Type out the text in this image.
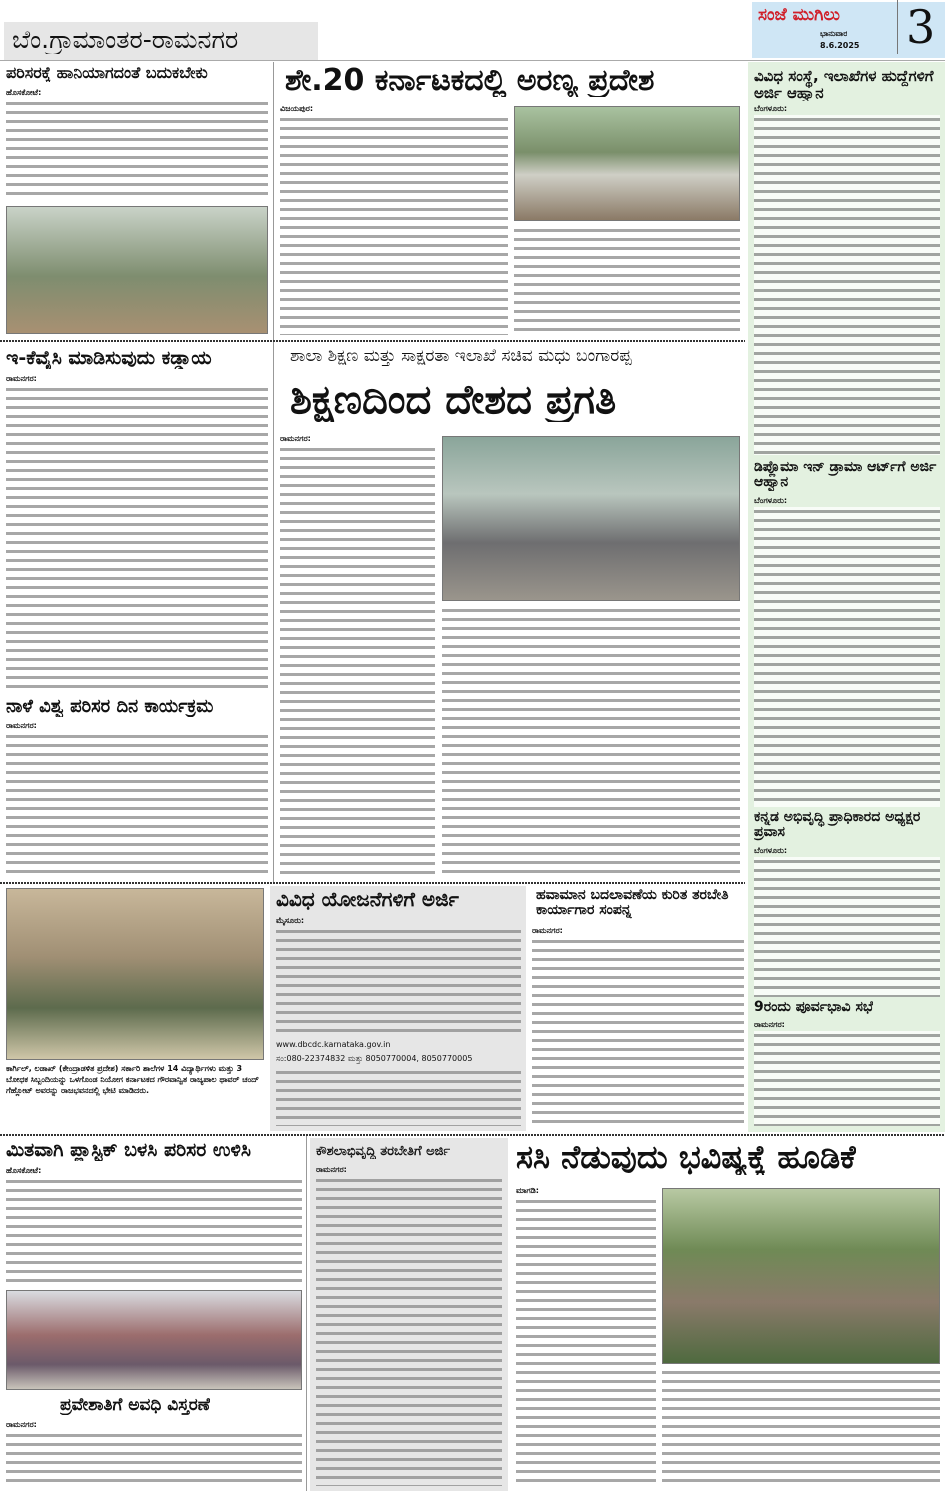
ಬೆಂ.ಗ್ರಾಮಾಂತರ-ರಾಮನಗರ
ಸಂಜೆ ಮುಗಿಲು
ಭಾನುವಾರ
8.6.2025 3
ವಿವಿಧ ಸಂಸ್ಥೆ, ಇಲಾಖೆಗಳ ಹುದ್ದೆಗಳಿಗೆ ಅರ್ಜಿ ಆಹ್ವಾನ
ಬೆಂಗಳೂರು:
ಡಿಪ್ಲೊಮಾ ಇನ್ ಡ್ರಾಮಾ ಆರ್ಟ್‌ಗೆ ಅರ್ಜಿ ಆಹ್ವಾನ
ಬೆಂಗಳೂರು:
ಕನ್ನಡ ಅಭಿವೃದ್ಧಿ ಪ್ರಾಧಿಕಾರದ ಅಧ್ಯಕ್ಷರ ಪ್ರವಾಸ
ಬೆಂಗಳೂರು:
9ರಂದು ಪೂರ್ವಭಾವಿ ಸಭೆ
ರಾಮನಗರ:
ಪರಿಸರಕ್ಕೆ ಹಾನಿಯಾಗದಂತೆ ಬದುಕಬೇಕು
ಹೊಸಕೋಟೆ:	ಶೇ.20 ಕರ್ನಾಟಕದಲ್ಲಿ ಅರಣ್ಯ ಪ್ರದೇಶ
ವಿಜಯಪುರ:
ಇ-ಕೆವೈಸಿ ಮಾಡಿಸುವುದು ಕಡ್ಡಾಯ
ರಾಮನಗರ:
ನಾಳೆ ವಿಶ್ವ ಪರಿಸರ ದಿನ ಕಾರ್ಯಕ್ರಮ
ರಾಮನಗರ:
ಶಾಲಾ ಶಿಕ್ಷಣ ಮತ್ತು ಸಾಕ್ಷರತಾ ಇಲಾಖೆ ಸಚಿವ ಮಧು ಬಂಗಾರಪ್ಪ
ಶಿಕ್ಷಣದಿಂದ ದೇಶದ ಪ್ರಗತಿ
ರಾಮನಗರ:
ಕಾರ್ಗಿಲ್, ಲಡಾಖ್ (ಕೇಂದ್ರಾಡಳಿತ ಪ್ರದೇಶ) ಸರ್ಕಾರಿ ಶಾಲೆಗಳ 14 ವಿದ್ಯಾರ್ಥಿಗಳು ಮತ್ತು 3 ಬೋಧಕ ಸಿಬ್ಬಂದಿಯನ್ನು ಒಳಗೊಂಡ ನಿಯೋಗ ಕರ್ನಾಟಕದ ಗೌರವಾನ್ವಿತ ರಾಜ್ಯಪಾಲ ಥಾವರ್ ಚಂದ್ ಗೆಹ್ಲೋಟ್ ಅವರನ್ನು ರಾಜಭವನದಲ್ಲಿ ಭೇಟಿ ಮಾಡಿದರು.
ವಿವಿಧ ಯೋಜನೆಗಳಿಗೆ ಅರ್ಜಿ
ಮೈಸೂರು:
www.dbcdc.karnataka.gov.in
ಸಂ:080-22374832 ಮತ್ತು 8050770004, 8050770005
ಹವಾಮಾನ ಬದಲಾವಣೆಯ ಕುರಿತ ತರಬೇತಿ ಕಾರ್ಯಾಗಾರ ಸಂಪನ್ನ
ರಾಮನಗರ:
ಮಿತವಾಗಿ ಪ್ಲಾಸ್ಟಿಕ್ ಬಳಸಿ ಪರಿಸರ ಉಳಿಸಿ
ಹೊಸಕೋಟೆ:
ಪ್ರವೇಶಾತಿಗೆ ಅವಧಿ ವಿಸ್ತರಣೆ
ರಾಮನಗರ:
ಕೌಶಲಾಭಿವೃದ್ಧಿ ತರಬೇತಿಗೆ ಅರ್ಜಿ
ರಾಮನಗರ:	ಸಸಿ ನೆಡುವುದು ಭವಿಷ್ಯಕ್ಕೆ ಹೂಡಿಕೆ
ಮಾಗಡಿ:
